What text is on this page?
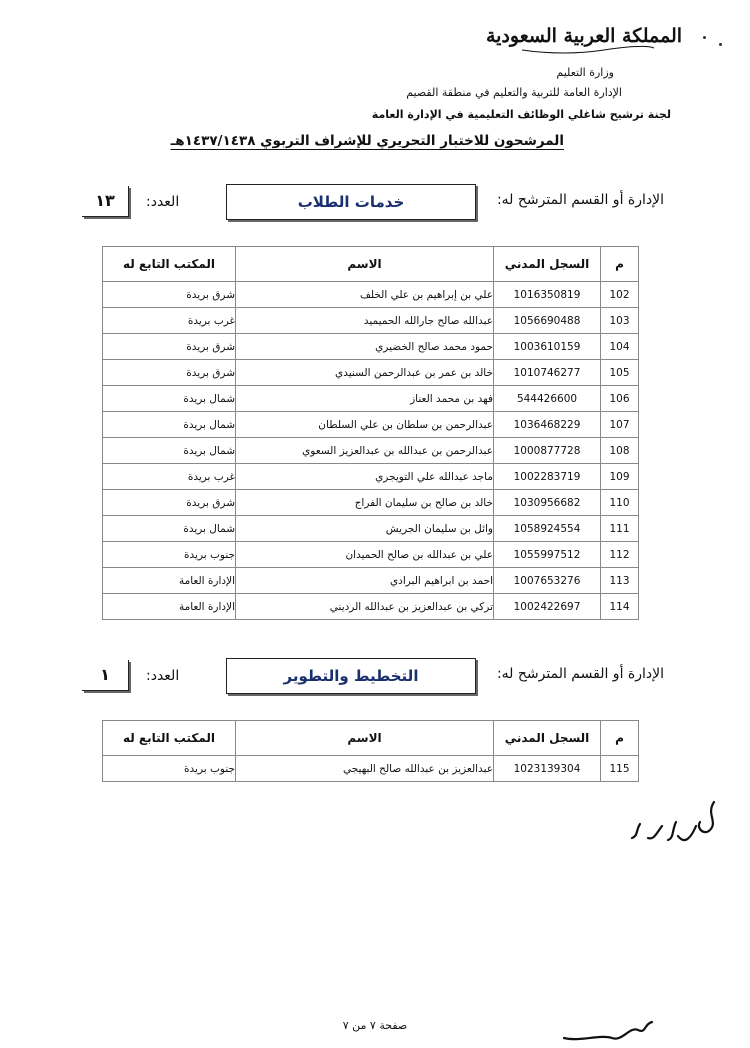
المملكة العربية السعودية
وزارة التعليم
الإدارة العامة للتربية والتعليم في منطقة القصيم
لجنة ترشيح شاغلي الوظائف التعليمية في الإدارة العامة
المرشحون للاختبار التحريري للإشراف التربوي ١٤٣٧/١٤٣٨هـ
الإدارة أو القسم المترشح له:
خدمات الطلاب
العدد:
١٣
م	السجل المدني	الاسم	المكتب التابع له
102	1016350819	علي بن إبراهيم بن علي الخلف	شرق بريدة
103	1056690488	عبدالله صالح جارالله الحميميد	غرب بريدة
104	1003610159	حمود محمد صالح الخضيري	شرق بريدة
105	1010746277	خالد بن عمر بن عبدالرحمن السنيدي	شرق بريدة
106	544426600	فهد بن محمد العناز	شمال بريدة
107	1036468229	عبدالرحمن بن سلطان بن علي السلطان	شمال بريدة
108	1000877728	عبدالرحمن بن عبدالله بن عبدالعزيز السعوي	شمال بريدة
109	1002283719	ماجد عبدالله علي التويجري	غرب بريدة
110	1030956682	خالد بن صالح بن سليمان الفراج	شرق بريدة
111	1058924554	وائل بن سليمان الجريش	شمال بريدة
112	1055997512	علي بن عبدالله بن صالح الحميدان	جنوب بريدة
113	1007653276	احمد بن ابراهيم البرادي	الإدارة العامة
114	1002422697	تركي بن عبدالعزيز بن عبدالله الرديني	الإدارة العامة
الإدارة أو القسم المترشح له:
التخطيط والتطوير
العدد:
١
م	السجل المدني	الاسم	المكتب التابع له
115	1023139304	عبدالعزيز بن عبدالله صالح البهيجي	جنوب بريدة
صفحة ٧ من ٧
